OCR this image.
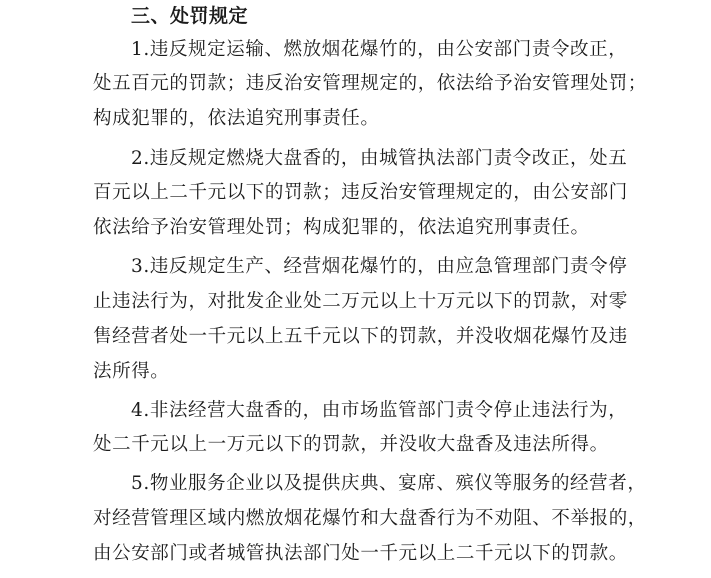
三、处罚规定
1.违反规定运输、燃放烟花爆竹的，由公安部门责令改正，
处五百元的罚款；违反治安管理规定的，依法给予治安管理处罚；
构成犯罪的，依法追究刑事责任。
2.违反规定燃烧大盘香的，由城管执法部门责令改正，处五
百元以上二千元以下的罚款；违反治安管理规定的，由公安部门
依法给予治安管理处罚；构成犯罪的，依法追究刑事责任。
3.违反规定生产、经营烟花爆竹的，由应急管理部门责令停
止违法行为，对批发企业处二万元以上十万元以下的罚款，对零
售经营者处一千元以上五千元以下的罚款，并没收烟花爆竹及违
法所得。
4.非法经营大盘香的，由市场监管部门责令停止违法行为，
处二千元以上一万元以下的罚款，并没收大盘香及违法所得。
5.物业服务企业以及提供庆典、宴席、殡仪等服务的经营者，
对经营管理区域内燃放烟花爆竹和大盘香行为不劝阻、不举报的，
由公安部门或者城管执法部门处一千元以上二千元以下的罚款。
